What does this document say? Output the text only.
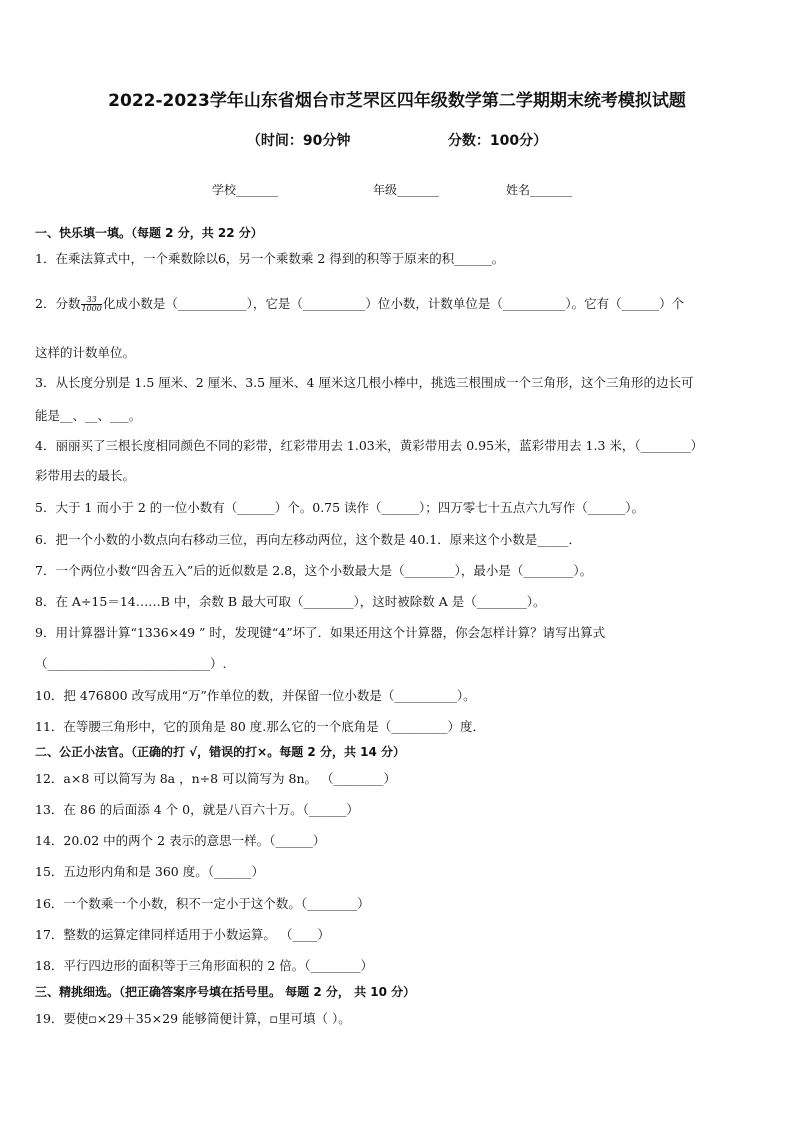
2022-2023学年山东省烟台市芝罘区四年级数学第二学期期末统考模拟试题
（时间：90分钟                    分数：100分）
学校_______	年级_______	姓名_______
一、快乐填一填。（每题 2 分，共 22 分）
1．在乘法算式中，一个乘数除以6，另一个乘数乘 2 得到的积等于原来的积______。
2．分数 $\frac{33}{1000}$ 化成小数是（___________），它是（__________）位小数，计数单位是（__________）。它有（______）个
这样的计数单位。
3．从长度分别是 1.5 厘米、2 厘米、3.5 厘米、4 厘米这几根小棒中，挑选三根围成一个三角形，这个三角形的边长可
能是__、__、___。
4．丽丽买了三根长度相同颜色不同的彩带，红彩带用去 1.03米，黄彩带用去 0.95米，蓝彩带用去 1.3 米，（________）
彩带用去的最长。
5．大于 1 而小于 2 的一位小数有（______）个。0.75 读作（______）；四万零七十五点六九写作（______）。
6．把一个小数的小数点向右移动三位，再向左移动两位，这个数是 40.1．原来这个小数是_____．
7．一个两位小数“四舍五入”后的近似数是 2.8，这个小数最大是（________），最小是（________）。
8．在 A÷15＝14……B 中，余数 B 最大可取（________），这时被除数 A 是（________）。
9．用计算器计算“1336×49 ” 时，发现键“4”坏了．如果还用这个计算器，你会怎样计算？请写出算式
（__________________________）.
10．把 476800 改写成用“万”作单位的数，并保留一位小数是（__________）。
11．在等腰三角形中，它的顶角是 80 度.那么它的一个底角是（_________）度．
二、公正小法官。（正确的打 √，错误的打×。每题 2 分，共 14 分）
12．a×8 可以简写为 8a ，n÷8 可以简写为 8n。 （________）
13．在 86 的后面添 4 个 0，就是八百六十万。（______）
14．20.02 中的两个 2 表示的意思一样。（______）
15．五边形内角和是 360 度。（______）
16．一个数乘一个小数，积不一定小于这个数。（________）
17．整数的运算定律同样适用于小数运算。 （____）
18．平行四边形的面积等于三角形面积的 2 倍。（________）
三、精挑细选。（把正确答案序号填在括号里。 每题 2 分， 共 10 分）
19．要使▫×29＋35×29 能够简便计算，▫里可填（ ）。
